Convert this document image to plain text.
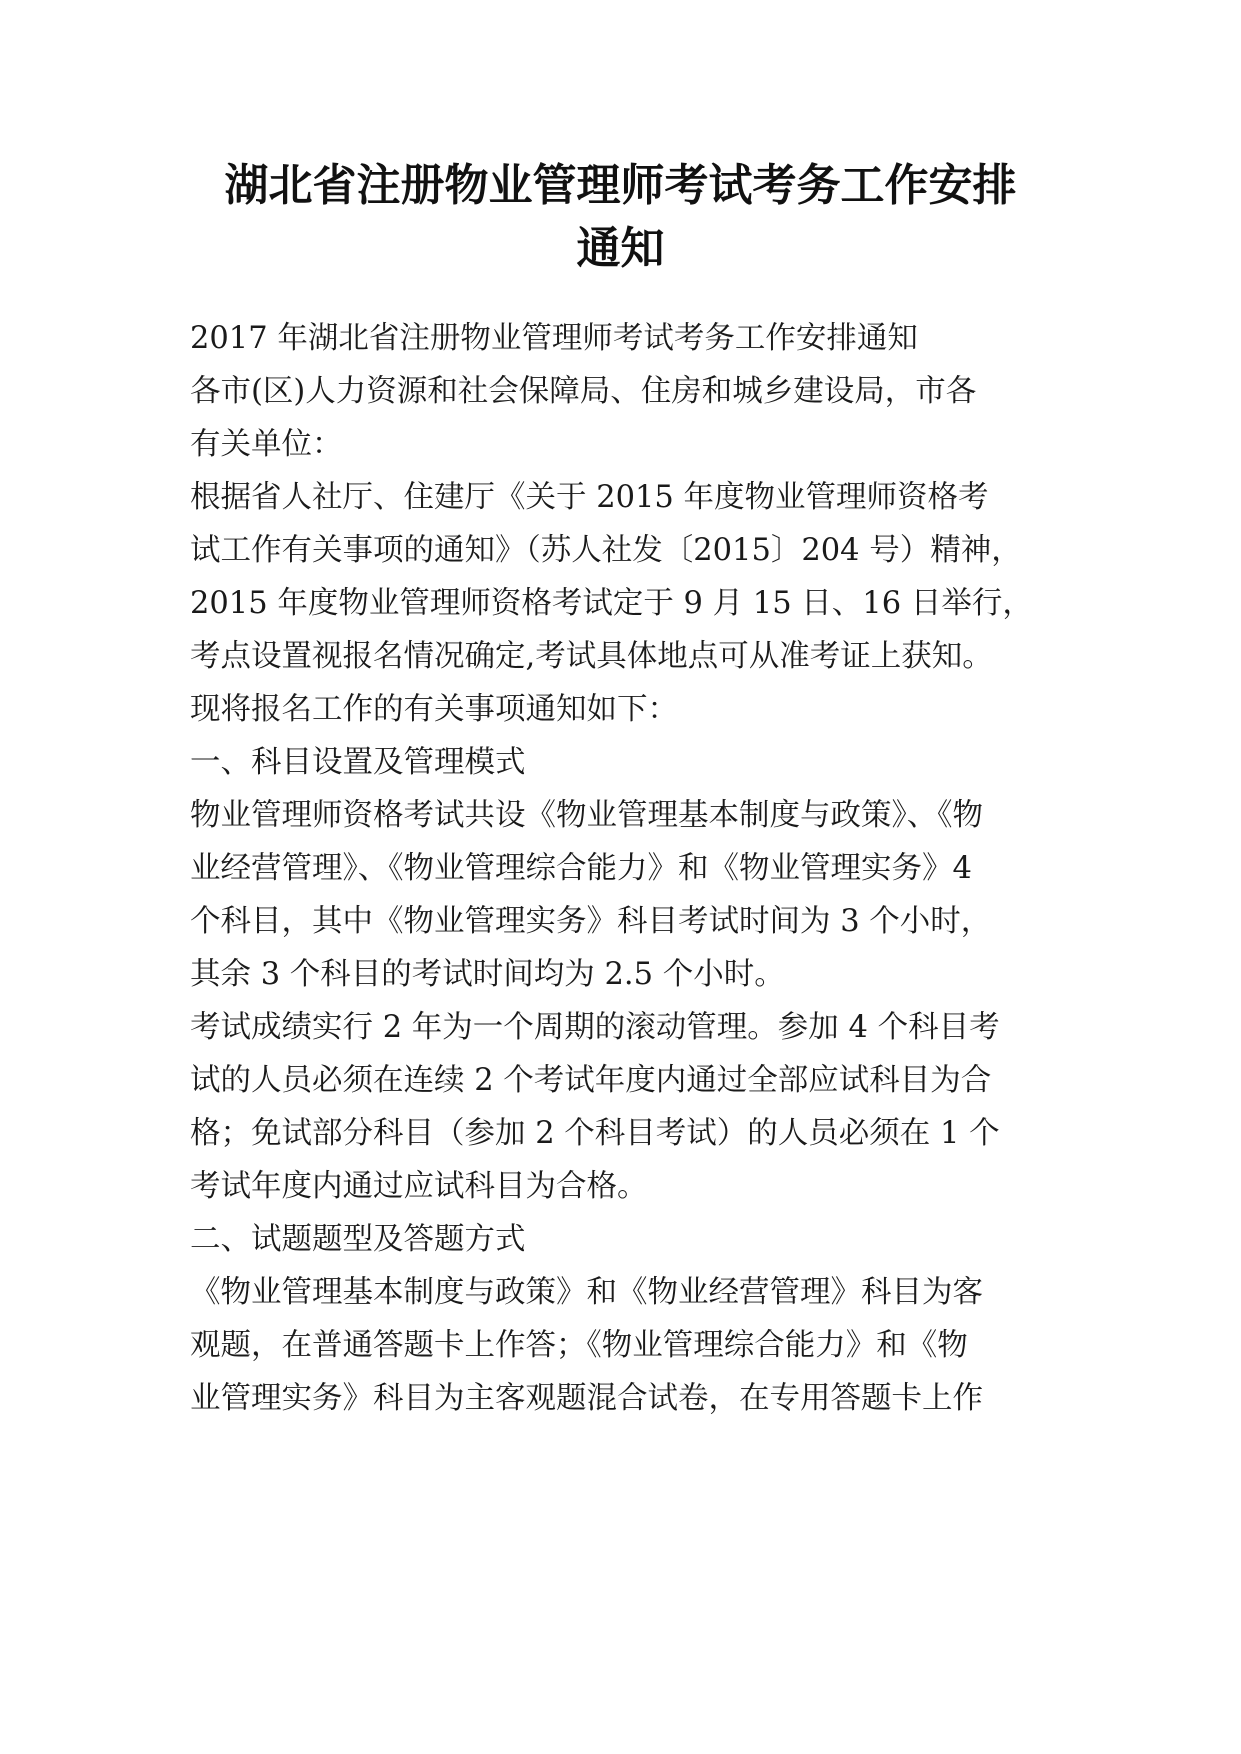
湖北省注册物业管理师考试考务工作安排
通知
2017 年湖北省注册物业管理师考试考务工作安排通知
各市(区)人力资源和社会保障局、住房和城乡建设局，市各
有关单位：
根据省人社厅、住建厅《关于 2015 年度物业管理师资格考
试工作有关事项的通知》（苏人社发〔2015〕204 号）精神，
2015 年度物业管理师资格考试定于 9 月 15 日、16 日举行，
考点设置视报名情况确定,考试具体地点可从准考证上获知。
现将报名工作的有关事项通知如下：
一、科目设置及管理模式
物业管理师资格考试共设《物业管理基本制度与政策》、《物
业经营管理》、《物业管理综合能力》和《物业管理实务》4
个科目，其中《物业管理实务》科目考试时间为 3 个小时，
其余 3 个科目的考试时间均为 2.5 个小时。
考试成绩实行 2 年为一个周期的滚动管理。参加 4 个科目考
试的人员必须在连续 2 个考试年度内通过全部应试科目为合
格；免试部分科目（参加 2 个科目考试）的人员必须在 1 个
考试年度内通过应试科目为合格。
二、试题题型及答题方式
《物业管理基本制度与政策》和《物业经营管理》科目为客
观题，在普通答题卡上作答；《物业管理综合能力》和《物
业管理实务》科目为主客观题混合试卷，在专用答题卡上作
